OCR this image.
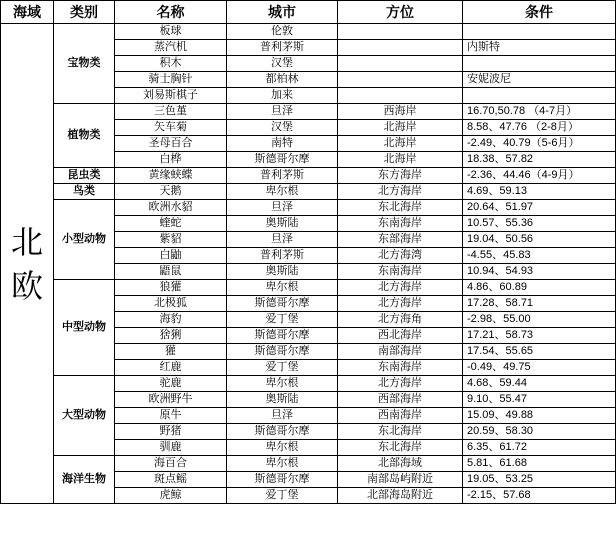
海域	类别	名称	城市	方位	条件
北欧	宝物类	板球	伦敦		
		蒸汽机	普利茅斯		内斯特
		积木	汉堡		
		骑士胸针	都柏林		安妮波尼
		刘易斯棋子	加来		
	植物类	三色堇	旦泽	西海岸	16.70,50.78 （4-7月）
		矢车菊	汉堡	北海岸	8.58、47.76 （2-8月）
		圣母百合	南特	北海岸	-2.49、40.79（5-6月）
		白桦	斯德哥尔摩	北海岸	18.38、57.82
	昆虫类	黄缘蛱蝶	普利茅斯	东方海岸	-2.36、44.46（4-9月）
	鸟类	天鹅	卑尔根	北方海岸	4.69、59.13
	小型动物	欧洲水貂	旦泽	东北海岸	20.64、51.97
		蝰蛇	奥斯陆	东南海岸	10.57、55.36
		紫貂	旦泽	东部海岸	19.04、50.56
		白鼬	普利茅斯	北方海湾	-4.55、45.83
		鼯鼠	奥斯陆	东南海岸	10.94、54.93
	中型动物	狼獾	卑尔根	北方海岸	4.86、60.89
		北极狐	斯德哥尔摩	北方海岸	17.28、58.71
		海豹	爱丁堡	北方海角	-2.98、55.00
		猞猁	斯德哥尔摩	西北海岸	17.21、58.73
		獾	斯德哥尔摩	南部海岸	17.54、55.65
		红鹿	爱丁堡	东南海岸	-0.49、49.75
	大型动物	驼鹿	卑尔根	北方海岸	4.68、59.44
		欧洲野牛	奥斯陆	西部海岸	9.10、55.47
		原牛	旦泽	西南海岸	15.09、49.88
		野猪	斯德哥尔摩	东北海岸	20.59、58.30
		驯鹿	卑尔根	东北海岸	6.35、61.72
	海洋生物	海百合	卑尔根	北部海域	5.81、61.68
		斑点鳐	斯德哥尔摩	南部岛屿附近	19.05、53.25
		虎鲸	爱丁堡	北部海岛附近	-2.15、57.68
